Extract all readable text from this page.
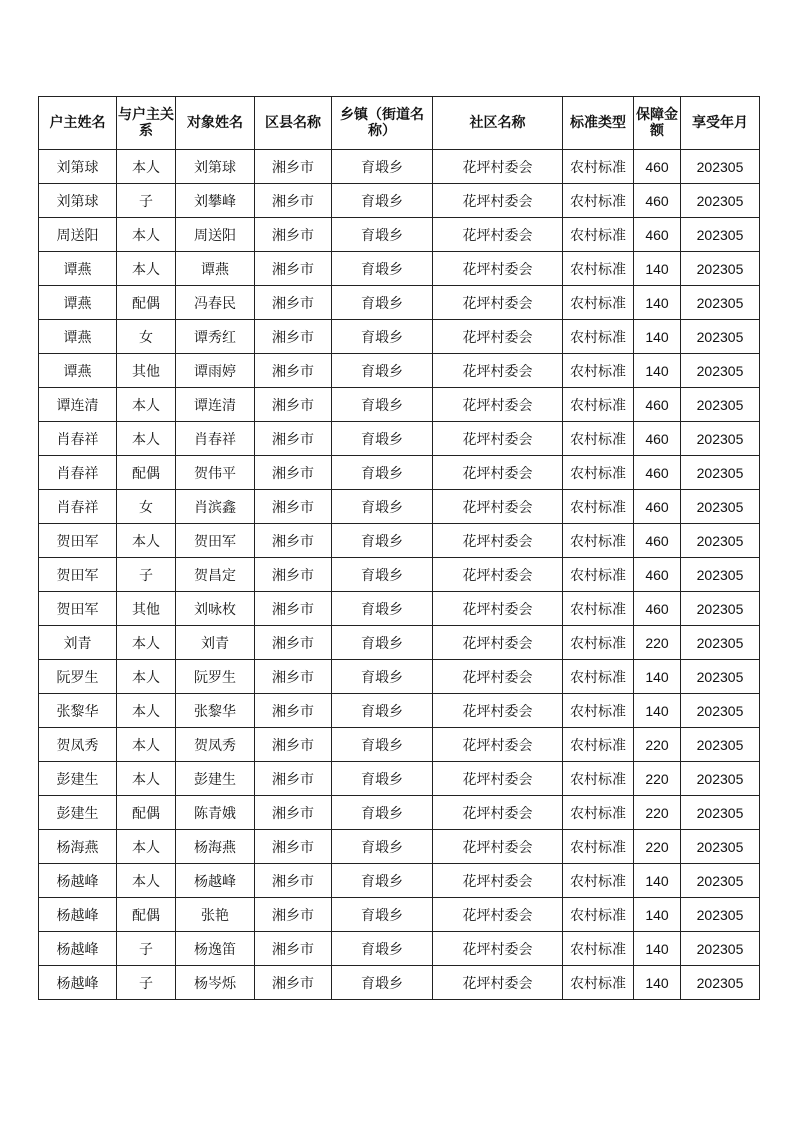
户主姓名	与户主关系	对象姓名	区县名称	乡镇（街道名称）	社区名称	标准类型	保障金额	享受年月
刘第球	本人	刘第球	湘乡市	育塅乡	花坪村委会	农村标准	460	202305
刘第球	子	刘攀峰	湘乡市	育塅乡	花坪村委会	农村标准	460	202305
周送阳	本人	周送阳	湘乡市	育塅乡	花坪村委会	农村标准	460	202305
谭燕	本人	谭燕	湘乡市	育塅乡	花坪村委会	农村标准	140	202305
谭燕	配偶	冯春民	湘乡市	育塅乡	花坪村委会	农村标准	140	202305
谭燕	女	谭秀红	湘乡市	育塅乡	花坪村委会	农村标准	140	202305
谭燕	其他	谭雨婷	湘乡市	育塅乡	花坪村委会	农村标准	140	202305
谭连清	本人	谭连清	湘乡市	育塅乡	花坪村委会	农村标准	460	202305
肖春祥	本人	肖春祥	湘乡市	育塅乡	花坪村委会	农村标准	460	202305
肖春祥	配偶	贺伟平	湘乡市	育塅乡	花坪村委会	农村标准	460	202305
肖春祥	女	肖滨鑫	湘乡市	育塅乡	花坪村委会	农村标准	460	202305
贺田军	本人	贺田军	湘乡市	育塅乡	花坪村委会	农村标准	460	202305
贺田军	子	贺昌定	湘乡市	育塅乡	花坪村委会	农村标准	460	202305
贺田军	其他	刘咏枚	湘乡市	育塅乡	花坪村委会	农村标准	460	202305
刘青	本人	刘青	湘乡市	育塅乡	花坪村委会	农村标准	220	202305
阮罗生	本人	阮罗生	湘乡市	育塅乡	花坪村委会	农村标准	140	202305
张黎华	本人	张黎华	湘乡市	育塅乡	花坪村委会	农村标准	140	202305
贺凤秀	本人	贺凤秀	湘乡市	育塅乡	花坪村委会	农村标准	220	202305
彭建生	本人	彭建生	湘乡市	育塅乡	花坪村委会	农村标准	220	202305
彭建生	配偶	陈青娥	湘乡市	育塅乡	花坪村委会	农村标准	220	202305
杨海燕	本人	杨海燕	湘乡市	育塅乡	花坪村委会	农村标准	220	202305
杨越峰	本人	杨越峰	湘乡市	育塅乡	花坪村委会	农村标准	140	202305
杨越峰	配偶	张艳	湘乡市	育塅乡	花坪村委会	农村标准	140	202305
杨越峰	子	杨逸笛	湘乡市	育塅乡	花坪村委会	农村标准	140	202305
杨越峰	子	杨岑烁	湘乡市	育塅乡	花坪村委会	农村标准	140	202305
